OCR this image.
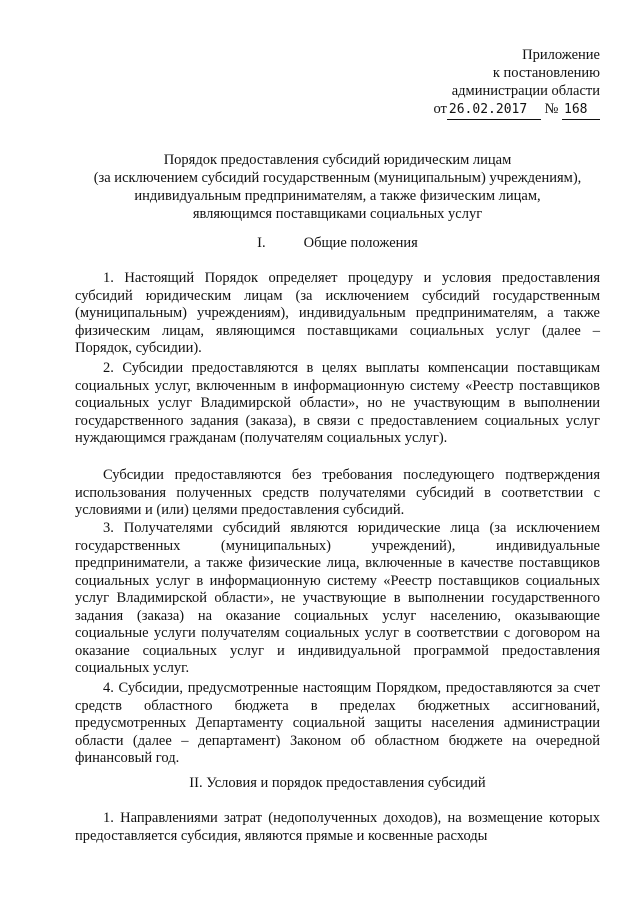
Приложение
к постановлению
администрации области
от 26.02.2017 № 168
Порядок предоставления субсидий юридическим лицам
(за исключением субсидий государственным (муниципальным) учреждениям),
индивидуальным предпринимателям, а также физическим лицам,
являющимся поставщиками социальных услуг
I.	Общие положения

1. Настоящий Порядок определяет процедуру и условия предоставления субсидий юридическим лицам (за исключением субсидий государственным (муниципальным) учреждениям), индивидуальным предпринимателям, а также физическим лицам, являющимся поставщиками социальных услуг (далее – Порядок, субсидии).

2. Субсидии предоставляются в целях выплаты компенсации поставщикам социальных услуг, включенным в информационную систему «Реестр поставщиков социальных услуг Владимирской области», но не участвующим в выполнении государственного задания (заказа), в связи с предоставлением социальных услуг нуждающимся гражданам (получателям социальных услуг).

Субсидии предоставляются без требования последующего подтверждения использования полученных средств получателями субсидий в соответствии с условиями и (или) целями предоставления субсидий.

3. Получателями субсидий являются юридические лица (за исключением государственных (муниципальных) учреждений), индивидуальные предприниматели, а также физические лица, включенные в качестве поставщиков социальных услуг в информационную систему «Реестр поставщиков социальных услуг Владимирской области», не участвующие в выполнении государственного задания (заказа) на оказание социальных услуг населению, оказывающие социальные услуги получателям социальных услуг в соответствии с договором на оказание социальных услуг и индивидуальной программой предоставления социальных услуг.

4. Субсидии, предусмотренные настоящим Порядком, предоставляются за счет средств областного бюджета в пределах бюджетных ассигнований, предусмотренных Департаменту социальной защиты населения администрации области (далее – департамент) Законом об областном бюджете на очередной финансовый год.

II. Условия и порядок предоставления субсидий

1. Направлениями затрат (недополученных доходов), на возмещение которых предоставляется субсидия, являются прямые и косвенные расходы
